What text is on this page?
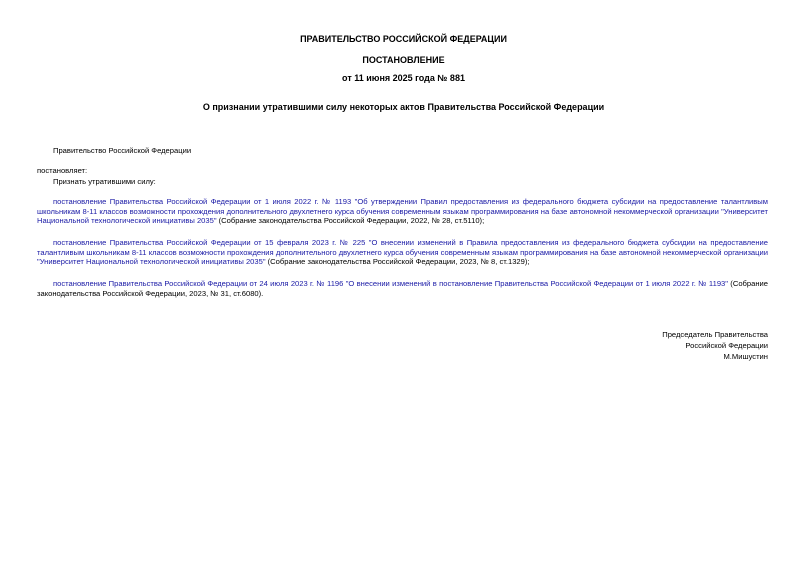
ПРАВИТЕЛЬСТВО РОССИЙСКОЙ ФЕДЕРАЦИИ
ПОСТАНОВЛЕНИЕ
от 11 июня 2025 года № 881
О признании утратившими силу некоторых актов Правительства Российской Федерации
Правительство Российской Федерации
постановляет:
Признать утратившими силу:
постановление Правительства Российской Федерации от 1 июля 2022 г. № 1193 "Об утверждении Правил предоставления из федерального бюджета субсидии на предоставление талантливым школьникам 8-11 классов возможности прохождения дополнительного двухлетнего курса обучения современным языкам программирования на базе автономной некоммерческой организации "Университет Национальной технологической инициативы 2035" (Собрание законодательства Российской Федерации, 2022, № 28, ст.5110);
постановление Правительства Российской Федерации от 15 февраля 2023 г. № 225 "О внесении изменений в Правила предоставления из федерального бюджета субсидии на предоставление талантливым школьникам 8-11 классов возможности прохождения дополнительного двухлетнего курса обучения современным языкам программирования на базе автономной некоммерческой организации "Университет Национальной технологической инициативы 2035" (Собрание законодательства Российской Федерации, 2023, № 8, ст.1329);
постановление Правительства Российской Федерации от 24 июля 2023 г. № 1196 "О внесении изменений в постановление Правительства Российской Федерации от 1 июля 2022 г. № 1193" (Собрание законодательства Российской Федерации, 2023, № 31, ст.6080).
Председатель Правительства
Российской Федерации
М.Мишустин
